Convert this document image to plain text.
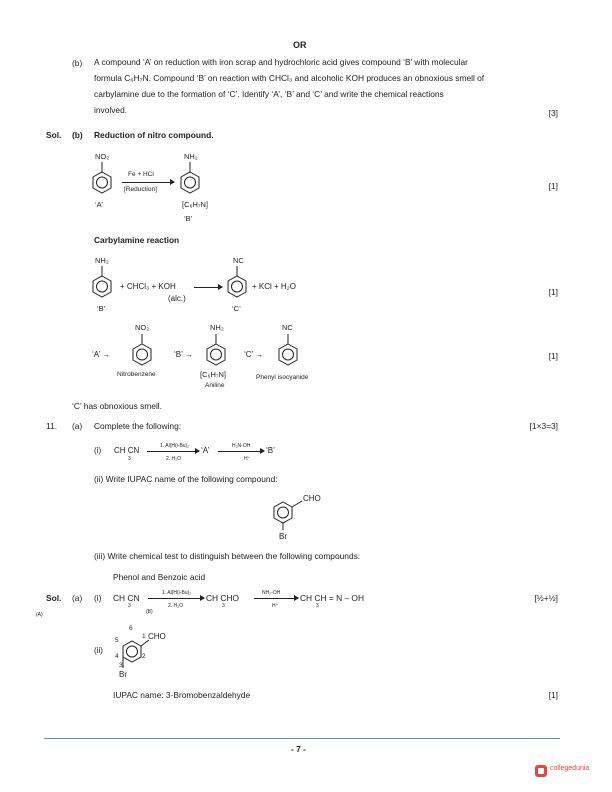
OR
(b) A compound ‘A’ on reduction with iron scrap and hydrochloric acid gives compound ‘B’ with molecular
formula C₆H₇N. Compound ‘B’ on reaction with CHCl₃ and alcoholic KOH produces an obnoxious smell of
carbylamine due to the formation of ‘C’. Identify ‘A’, ‘B’ and ‘C’ and write the chemical reactions
involved.	[3]
Sol. (b) Reduction of nitro compound.
NO₂	NH₂
Fe + HCl
[Reduction]
‘A’	[C₆H₇N]
‘B’
[1]
Carbylamine reaction
NH₂	NC
+ CHCl₃ + KOH
(alc.)
+ KCl + H₂O
‘B’	‘C’
[1]
NO₂	NH₂	NC
‘A’ →	‘B’ →	‘C’ →
Nitrobenzene	[C₆H₇N]
Aniline
Phenyl isocyanide
[1]
‘C’ has obnoxious smell.
11. (a) Complete the following:	[1×3=3]
(i) CH CN
3
1. Al(H(i-Bu)₂
2. H₂O
‘A’	H₂N-OH
H⁺
‘B’
(ii) Write IUPAC name of the following compound:
CHO
Br
(iii) Write chemical test to distinguish between the following compounds:
Phenol and Benzoic acid
Sol. (a) (i) CH CN
3
1. Al(H(i-Bu)₂
2. H₂O
CH CHO
3
NH₂-OH
H⁺
CH CH = N – OH
3
(A)	(B)
[½+½]
(ii)
6
1
5
4
3
2
CHO
Br
IUPAC name: 3-Bromobenzaldehyde	[1]
- 7 -
collegedunia
